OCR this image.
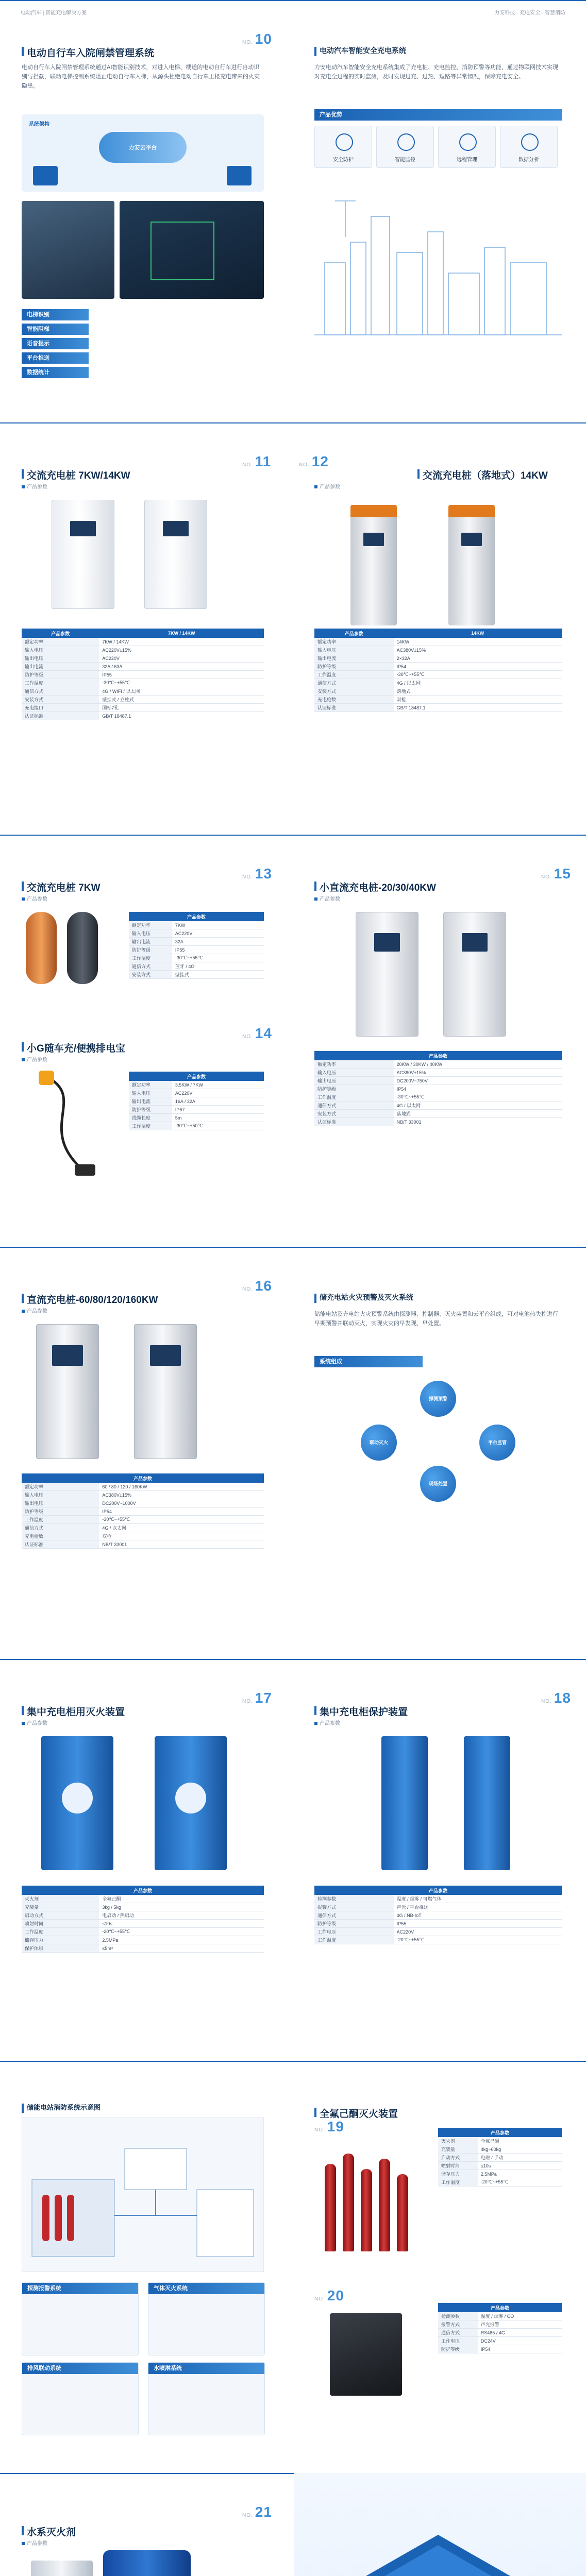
电动汽车 | 智能充电解决方案	力安科技 · 充电安全 · 智慧消防
NO. 10
电动自行车入院闸禁管理系统
电动自行车入院闸禁管理系统通过AI智能识别技术，对进入电梯、楼道的电动自行车进行自动识别与拦截，联动电梯控制系统阻止电动自行车入梯，从源头杜绝电动自行车上楼充电带来的火灾隐患。
系统架构
力安云平台
电梯识别
智能阻梯
语音提示
平台推送
数据统计
电动汽车智能安全充电系统
力安电动汽车智能安全充电系统集成了充电桩、充电监控、消防预警等功能，通过物联网技术实现对充电全过程的实时监测，及时发现过充、过热、短路等异常情况，保障充电安全。
产品优势
安全防护	智能监控	远程管理	数据分析
NO. 11
交流充电桩 7KW/14KW
产品参数
产品参数	7KW / 14KW
额定功率	7KW / 14KW
输入电压	AC220V±15%
输出电压	AC220V
输出电流	32A / 63A
防护等级	IP55
工作温度	-30℃~+55℃
通信方式	4G / WIFI / 以太网
安装方式	壁挂式 / 立柱式
充电接口	国标7孔
认证标准	GB/T 18487.1
NO. 12
交流充电桩（落地式）14KW
产品参数
产品参数	14KW
额定功率	14KW
输入电压	AC380V±15%
输出电流	2×32A
防护等级	IP54
工作温度	-30℃~+55℃
通信方式	4G / 以太网
安装方式	落地式
充电枪数	双枪
认证标准	GB/T 18487.1
NO. 13
交流充电桩 7KW
产品参数
产品参数	
额定功率	7KW
输入电压	AC220V
输出电流	32A
防护等级	IP55
工作温度	-30℃~+55℃
通信方式	蓝牙 / 4G
安装方式	壁挂式
NO. 14
小G随车充/便携排电宝
产品参数
产品参数	
额定功率	3.5KW / 7KW
输入电压	AC220V
输出电流	16A / 32A
防护等级	IP67
线缆长度	5m
工作温度	-30℃~+50℃
NO. 15
小直流充电桩-20/30/40KW
产品参数
产品参数	
额定功率	20KW / 30KW / 40KW
输入电压	AC380V±15%
输出电压	DC200V~750V
防护等级	IP54
工作温度	-30℃~+55℃
通信方式	4G / 以太网
安装方式	落地式
认证标准	NB/T 33001
NO. 16
直流充电桩-60/80/120/160KW
产品参数
产品参数	
额定功率	60 / 80 / 120 / 160KW
输入电压	AC380V±15%
输出电压	DC200V~1000V
防护等级	IP54
工作温度	-30℃~+55℃
通信方式	4G / 以太网
充电枪数	双枪
认证标准	NB/T 33001
储充电站火灾预警及灭火系统
储能电站及充电站火灾预警系统由探测器、控制器、灭火装置和云平台组成，可对电池热失控进行早期预警并联动灭火，实现火灾的早发现、早处置。
系统组成
探测预警
联动灭火	平台监管
现场处置
NO. 17
集中充电柜用灭火装置
产品参数
产品参数	
灭火剂	全氟己酮
充装量	3kg / 5kg
启动方式	电启动 / 热启动
喷射时间	≤10s
工作温度	-20℃~+55℃
储存压力	2.5MPa
保护体积	≤5m³
NO. 18
集中充电柜保护装置
产品参数
产品参数	
检测参数	温度 / 烟雾 / 可燃气体
报警方式	声光 / 平台推送
通信方式	4G / NB-IoT
防护等级	IP55
工作电压	AC220V
工作温度	-20℃~+55℃
储能电站消防系统示意图
探测报警系统	气体灭火系统
排风联动系统	水喷淋系统
全氟己酮灭火装置
NO. 19	产品参数	
灭火剂	全氟己酮
充装量	4kg~60kg
启动方式	电磁 / 手动
喷射时间	≤10s
储存压力	2.5MPa
工作温度	-20℃~+55℃
NO. 20
产品参数	
检测参数	温度 / 烟雾 / CO
报警方式	声光报警
通信方式	RS485 / 4G
工作电压	DC24V
防护等级	IP54
NO. 21
水系灭火剂
产品参数
